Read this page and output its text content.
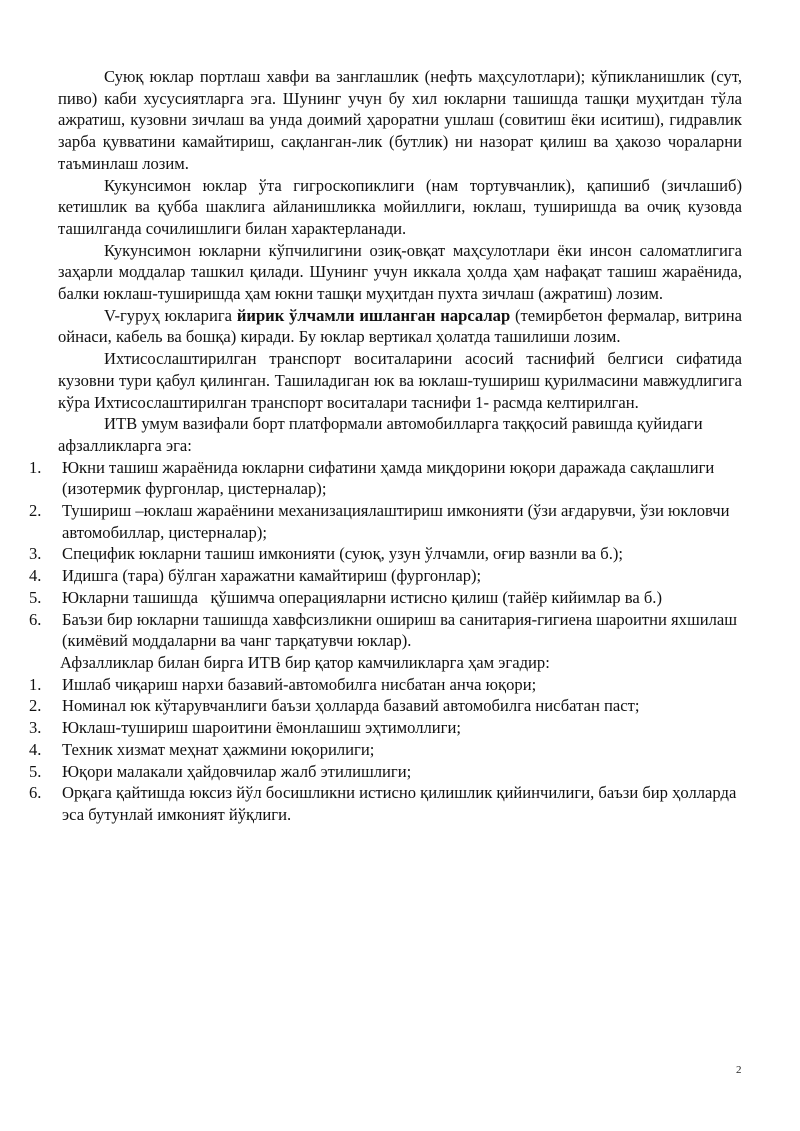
Суюқ юклар портлаш хавфи ва занглашлик (нефть маҳсулотлари); кўпикланишлик (сут, пиво) каби хусусиятларга эга. Шунинг учун бу хил юкларни ташишда ташқи муҳитдан тўла ажратиш, кузовни зичлаш ва унда доимий ҳароратни ушлаш (совитиш ёки иситиш), гидравлик зарба қувватини камайтириш, сақланган-лик (бутлик) ни назорат қилиш ва ҳакозо чораларни таъминлаш лозим.

Кукунсимон юклар ўта гигроскопиклиги (нам тортувчанлик), қапишиб (зичлашиб) кетишлик ва қубба шаклига айланишликка мойиллиги, юклаш, туширишда ва очиқ кузовда ташилганда сочилишлиги билан характерланади.

Кукунсимон юкларни кўпчилигини озиқ-овқат маҳсулотлари ёки инсон саломатлигига заҳарли моддалар ташкил қилади. Шунинг учун иккала ҳолда ҳам нафақат ташиш жараёнида, балки юклаш-туширишда ҳам юкни ташқи муҳитдан пухта зичлаш (ажратиш) лозим.

V-гуруҳ юкларига йирик ўлчамли ишланган нарсалар (темирбетон фермалар, витрина ойнаси, кабель ва бошқа) киради. Бу юклар вертикал ҳолатда ташилиши лозим.

Ихтисослаштирилган транспорт воситаларини асосий таснифий белгиси сифатида кузовни тури қабул қилинган. Ташиладиган юк ва юклаш-тушириш қурилмасини мавжудлигига кўра Ихтисослаштирилган транспорт воситалари таснифи 1- расмда келтирилган.

ИТВ умум вазифали борт платформали автомобилларга таққосий равишда қуйидаги афзалликларга эга:

1.	Юкни ташиш жараёнида юкларни сифатини ҳамда миқдорини юқори даражада сақлашлиги (изотермик фургонлар, цистерналар);
2.	Тушириш –юклаш жараёнини механизациялаштириш имконияти (ўзи ағдарувчи, ўзи юкловчи автомобиллар, цистерналар);
3.	Специфик юкларни ташиш имконияти (суюқ, узун ўлчамли, оғир вазнли ва б.);
4.	Идишга (тара) бўлган харажатни камайтириш (фургонлар);
5.	Юкларни ташишда   қўшимча операцияларни истисно қилиш (тайёр кийимлар ва б.)
6.	Баъзи бир юкларни ташишда хавфсизликни ошириш ва санитария-гигиена шароитни яхшилаш (кимёвий моддаларни ва чанг тарқатувчи юклар).

Афзалликлар билан бирга ИТВ бир қатор камчиликларга ҳам эгадир:

1.	Ишлаб чиқариш нархи базавий-автомобилга нисбатан анча юқори;
2.	Номинал юк кўтарувчанлиги баъзи ҳолларда базавий автомобилга нисбатан паст;
3.	Юклаш-тушириш шароитини ёмонлашиш эҳтимоллиги;
4.	Техник хизмат меҳнат ҳажмини юқорилиги;
5.	Юқори малакали ҳайдовчилар жалб этилишлиги;
6.	Орқага қайтишда юксиз йўл босишликни истисно қилишлик қийинчилиги, баъзи бир ҳолларда эса бутунлай имконият йўқлиги.
2
